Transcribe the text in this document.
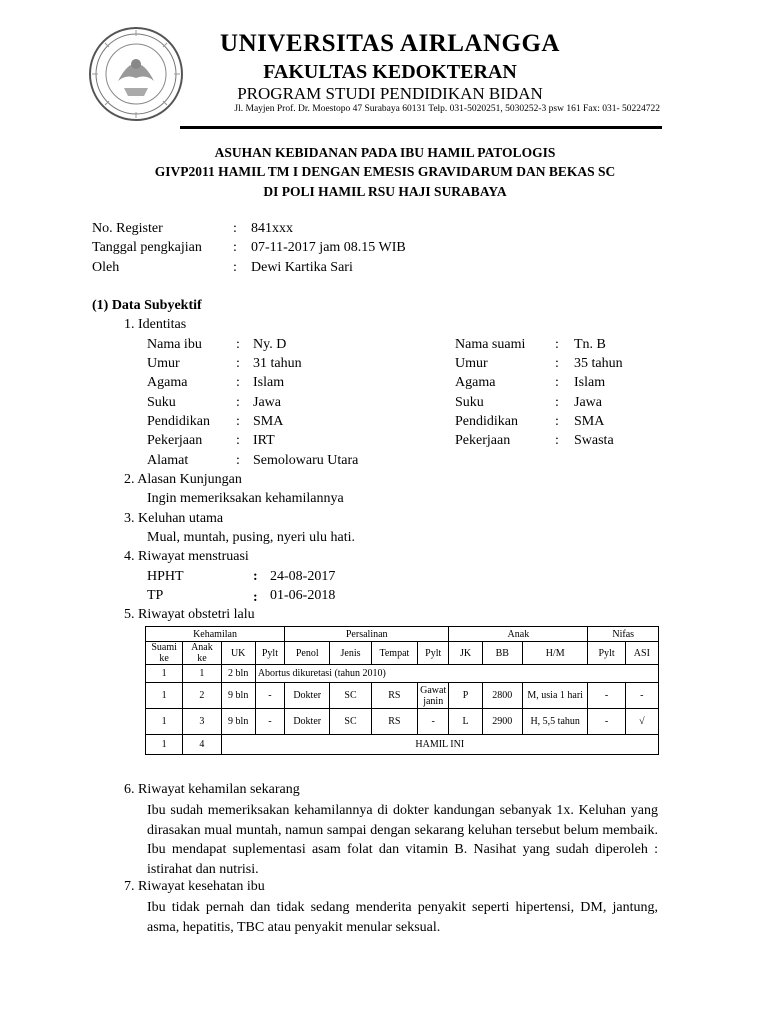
UNIVERSITAS AIRLANGGA
FAKULTAS KEDOKTERAN
PROGRAM STUDI PENDIDIKAN BIDAN
Jl. Mayjen Prof. Dr. Moestopo 47 Surabaya 60131 Telp. 031-5020251, 5030252-3 psw 161 Fax: 031- 50224722
ASUHAN KEBIDANAN PADA IBU HAMIL PATOLOGIS
GIVP2011 HAMIL TM I DENGAN EMESIS GRAVIDARUM DAN BEKAS SC
DI POLI HAMIL RSU HAJI SURABAYA
No. Register	: 841xxx
Tanggal pengkajian : 07-11-2017 jam 08.15 WIB
Oleh	: Dewi Kartika Sari
(1) Data Subyektif
1. Identitas
Nama ibu : Ny. D
Umur	: 31 tahun
Agama	: Islam
Suku	: Jawa
Pendidikan : SMA
Pekerjaan : IRT
Alamat	: Semolowaru Utara
Nama suami : Tn. B
Umur	: 35 tahun
Agama	: Islam
Suku	: Jawa
Pendidikan	: SMA
Pekerjaan	: Swasta
2. Alasan Kunjungan
Ingin memeriksakan kehamilannya
3. Keluhan utama
Mual, muntah, pusing, nyeri ulu hati.
4. Riwayat menstruasi
HPHT	: 24-08-2017
TP	: 01-06-2018
5. Riwayat obstetri lalu
Kehamilan				Persalinan				Anak			Nifas	
Suami ke	Anak ke	UK	Pylt	Penol	Jenis	Tempat	Pylt	JK	BB	H/M	Pylt	ASI
1	1	2 bln	Abortus dikuretasi (tahun 2010)									
1	2	9 bln	-	Dokter	SC	RS	Gawat janin	P	2800	M, usia 1 hari	-	-
1	3	9 bln	-	Dokter	SC	RS	-	L	2900	H, 5,5 tahun	-	√
1	4	HAMIL INI										
6. Riwayat kehamilan sekarang
Ibu sudah memeriksakan kehamilannya di dokter kandungan sebanyak 1x. Keluhan yang dirasakan mual muntah, namun sampai dengan sekarang keluhan tersebut belum membaik. Ibu mendapat suplementasi asam folat dan vitamin B. Nasihat yang sudah diperoleh : istirahat dan nutrisi.
7. Riwayat kesehatan ibu
Ibu tidak pernah dan tidak sedang menderita penyakit seperti hipertensi, DM, jantung, asma, hepatitis, TBC atau penyakit menular seksual.
